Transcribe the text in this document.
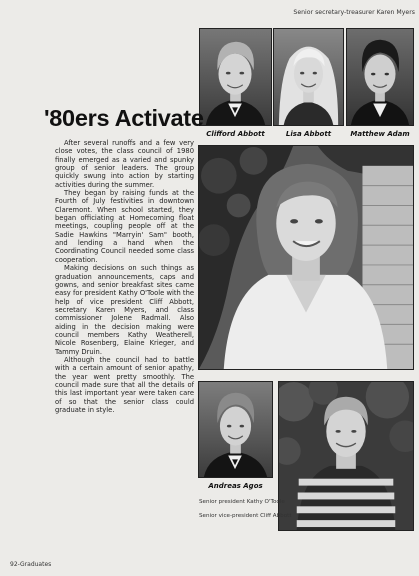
Senior secretary-treasurer Karen Myers
Clifford Abbott	Lisa Abbott	Matthew Adam
'80ers Activate

After several runoffs and a few very close votes, the class council of 1980 finally emerged as a varied and spunky group of senior leaders. The group quickly swung into action by starting activities during the summer.

They began by raising funds at the Fourth of July festivities in downtown Claremont. When school started, they began officiating at Homecoming float meetings, coupling people off at the Sadie Hawkins "Marryin' Sam" booth, and lending a hand when the Coordinating Council needed some class cooperation.

Making decisions on such things as graduation announcements, caps and gowns, and senior breakfast sites came easy for president Kathy O'Toole with the help of vice president Cliff Abbott, secretary Karen Myers, and class commissioner Jolene Radmall. Also aiding in the decision making were council members Kathy Weatherell, Nicole Rosenberg, Elaine Krieger, and Tammy Druin.

Although the council had to battle with a certain amount of senior apathy, the year went pretty smoothly. The council made sure that all the details of this last important year were taken care of so that the senior class could graduate in style.

Andreas Agos
Senior president Kathy O'Toole
Senior vice-president Cliff Abbott
92-Graduates
